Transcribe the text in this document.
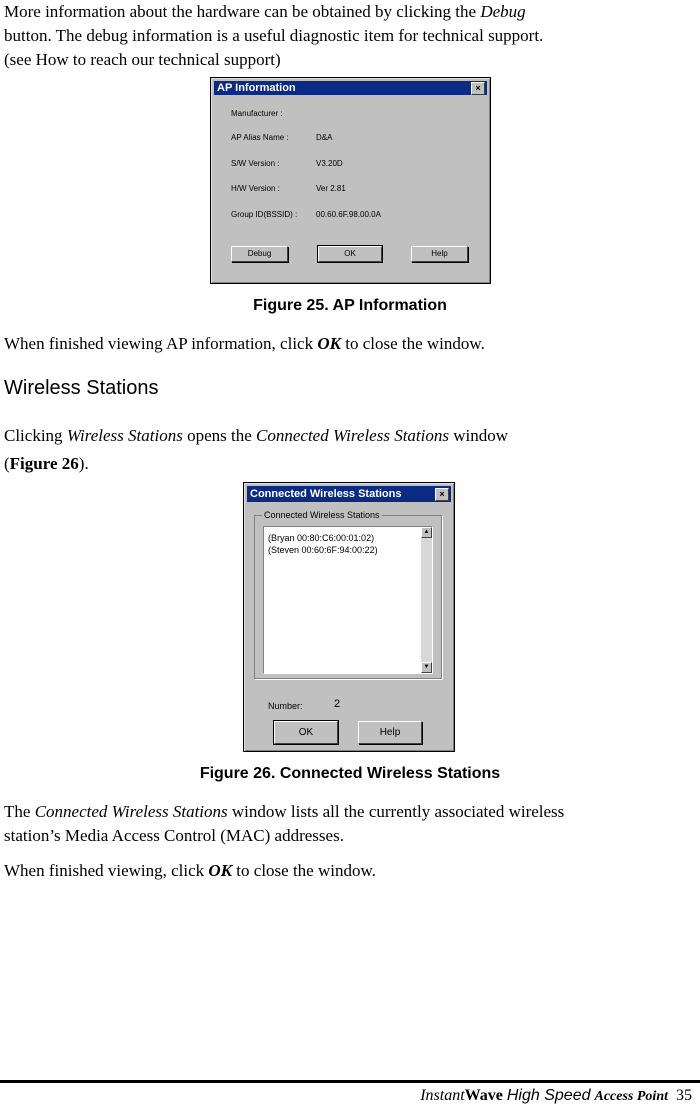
More information about the hardware can be obtained by clicking the Debug
button. The debug information is a useful diagnostic item for technical support.
(see How to reach our technical support)

AP Information	×
Manufacturer :
AP Alias Name :	D&A
S/W Version :	V3.20D
H/W Version :	Ver 2.81
Group ID(BSSID) : 00.60.6F.98.00.0A
Debug	OK	Help
Figure 25. AP Information

When finished viewing AP information, click OK to close the window.

Wireless Stations

Clicking Wireless Stations opens the Connected Wireless Stations window
(Figure 26).

Connected Wireless Stations	×
Connected Wireless Stations
(Bryan 00:80:C6:00:01:02)
(Steven 00:60:6F:94:00:22)
▲
▼
Number:	2
OK	Help
Figure 26. Connected Wireless Stations

The Connected Wireless Stations window lists all the currently associated wireless
station’s Media Access Control (MAC) addresses.

When finished viewing, click OK to close the window.

InstantWave High Speed Access Point 35
